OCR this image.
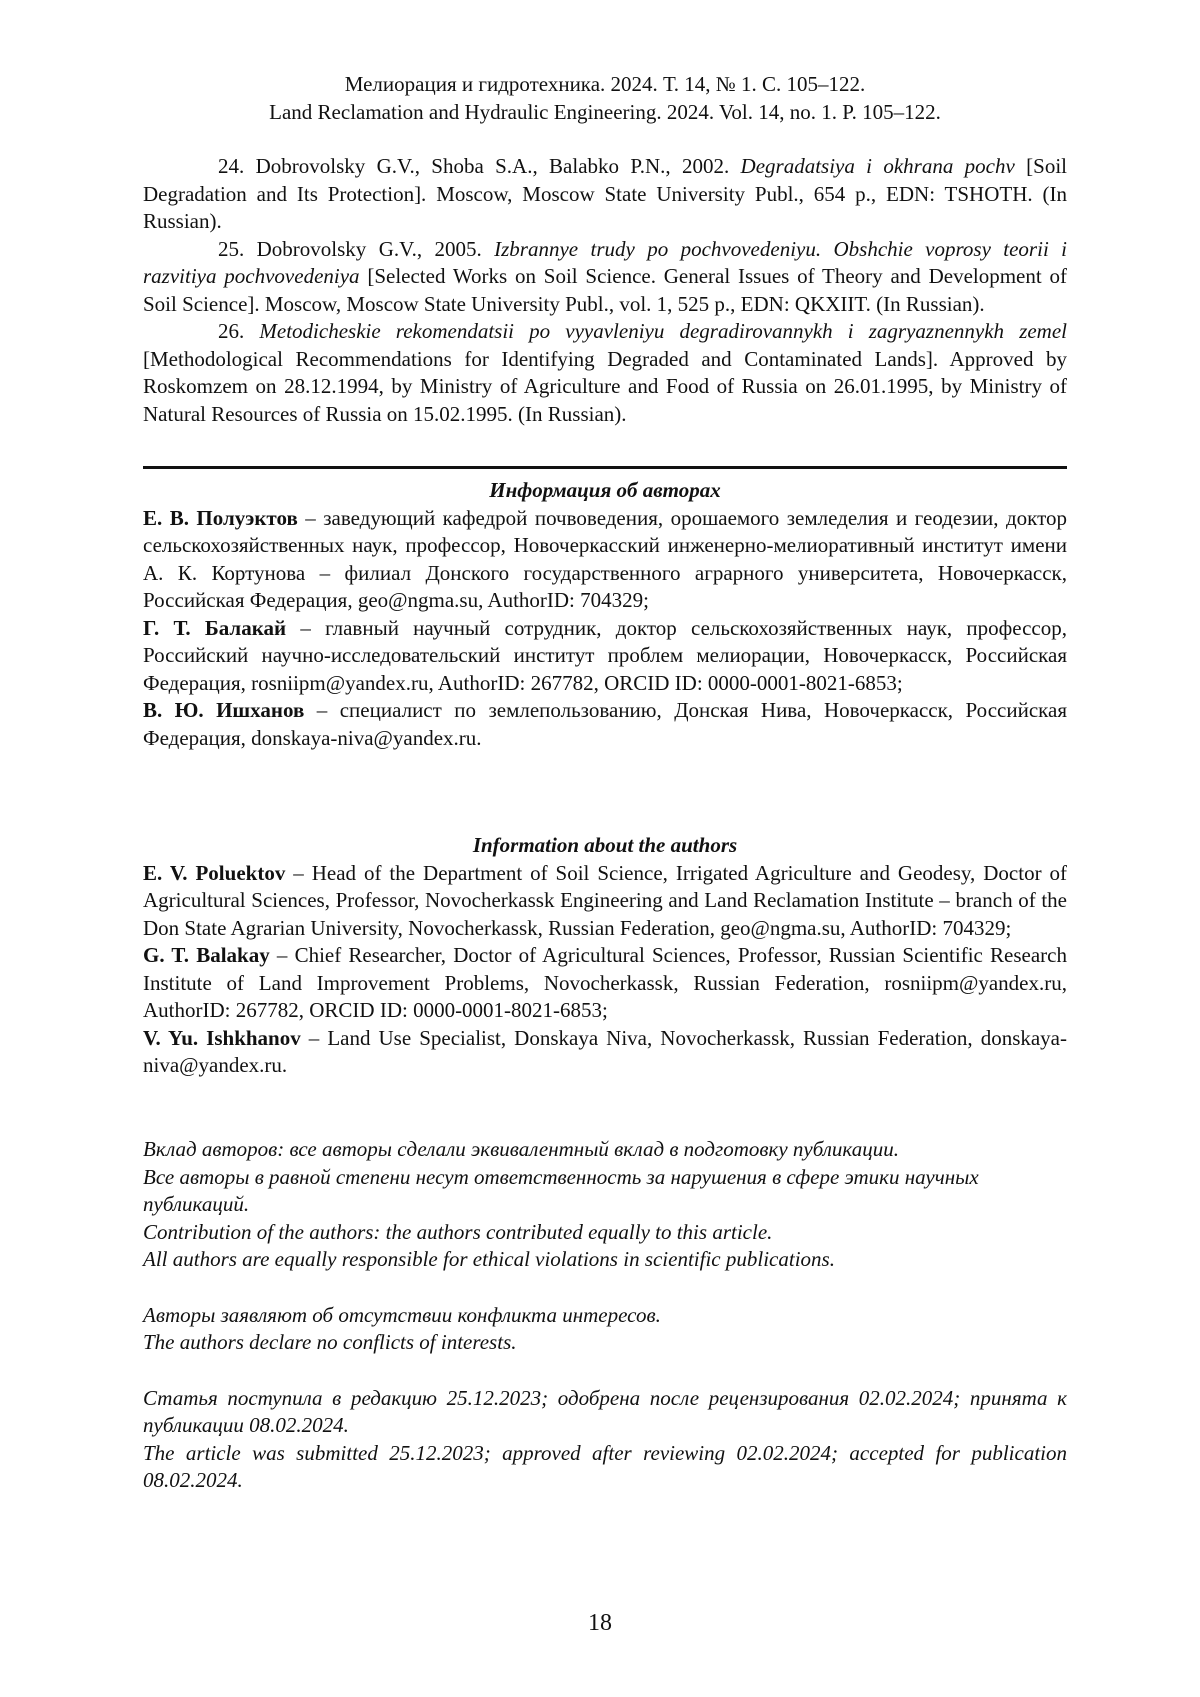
Мелиорация и гидротехника. 2024. Т. 14, № 1. С. 105–122.

Land Reclamation and Hydraulic Engineering. 2024. Vol. 14, no. 1. P. 105–122.

24. Dobrovolsky G.V., Shoba S.A., Balabko P.N., 2002. Degradatsiya i okhrana pochv [Soil Degradation and Its Protection]. Moscow, Moscow State University Publ., 654 p., EDN: TSHOTH. (In Russian).

25. Dobrovolsky G.V., 2005. Izbrannye trudy po pochvovedeniyu. Obshchie voprosy teorii i razvitiya pochvovedeniya [Selected Works on Soil Science. General Issues of Theory and Development of Soil Science]. Moscow, Moscow State University Publ., vol. 1, 525 p., EDN: QKXIIT. (In Russian).

26. Metodicheskie rekomendatsii po vyyavleniyu degradirovannykh i zagryaznennykh zemel [Methodological Recommendations for Identifying Degraded and Contaminated Lands]. Approved by Roskomzem on 28.12.1994, by Ministry of Agriculture and Food of Russia on 26.01.1995, by Ministry of Natural Resources of Russia on 15.02.1995. (In Russian).

Информация об авторах

Е. В. Полуэктов – заведующий кафедрой почвоведения, орошаемого земледелия и геодезии, доктор сельскохозяйственных наук, профессор, Новочеркасский инженерно-мелиоративный институт имени А. К. Кортунова – филиал Донского государственного аграрного университета, Новочеркасск, Российская Федерация, geo@ngma.su, AuthorID: 704329;

Г. Т. Балакай – главный научный сотрудник, доктор сельскохозяйственных наук, профессор, Российский научно-исследовательский институт проблем мелиорации, Новочеркасск, Российская Федерация, rosniipm@yandex.ru, AuthorID: 267782, ORCID ID: 0000-0001-8021-6853;

В. Ю. Ишханов – специалист по землепользованию, Донская Нива, Новочеркасск, Российская Федерация, donskaya-niva@yandex.ru.

Information about the authors

E. V. Poluektov – Head of the Department of Soil Science, Irrigated Agriculture and Geodesy, Doctor of Agricultural Sciences, Professor, Novocherkassk Engineering and Land Reclamation Institute – branch of the Don State Agrarian University, Novocherkassk, Russian Federation, geo@ngma.su, AuthorID: 704329;

G. T. Balakay – Chief Researcher, Doctor of Agricultural Sciences, Professor, Russian Scientific Research Institute of Land Improvement Problems, Novocherkassk, Russian Federation, rosniipm@yandex.ru, AuthorID: 267782, ORCID ID: 0000-0001-8021-6853;

V. Yu. Ishkhanov – Land Use Specialist, Donskaya Niva, Novocherkassk, Russian Federation, donskaya-niva@yandex.ru.

Вклад авторов: все авторы сделали эквивалентный вклад в подготовку публикации.

Все авторы в равной степени несут ответственность за нарушения в сфере этики научных публикаций.

Contribution of the authors: the authors contributed equally to this article.

All authors are equally responsible for ethical violations in scientific publications.

Авторы заявляют об отсутствии конфликта интересов.

The authors declare no conflicts of interests.

Статья поступила в редакцию 25.12.2023; одобрена после рецензирования 02.02.2024; принята к публикации 08.02.2024.

The article was submitted 25.12.2023; approved after reviewing 02.02.2024; accepted for publication 08.02.2024.

18
